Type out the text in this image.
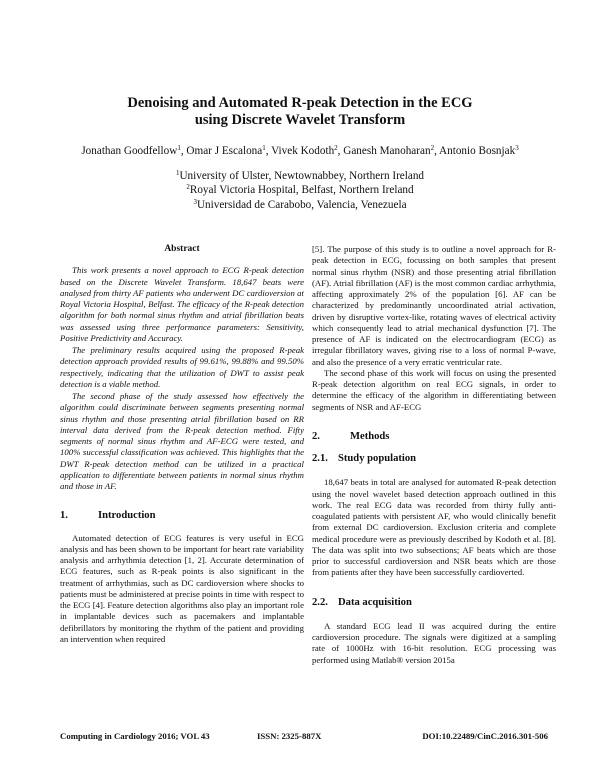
Denoising and Automated R-peak Detection in the ECG
using Discrete Wavelet Transform
Jonathan Goodfellow$^1$, Omar J Escalona$^1$, Vivek Kodoth$^2$, Ganesh Manoharan$^2$, Antonio Bosnjak$^3$
$^1$University of Ulster, Newtownabbey, Northern Ireland
$^2$Royal Victoria Hospital, Belfast, Northern Ireland
$^3$Universidad de Carabobo, Valencia, Venezuela
Abstract

This work presents a novel approach to ECG R-peak detection based on the Discrete Wavelet Transform. 18,647 beats were analysed from thirty AF patients who underwent DC cardioversion at Royal Victoria Hospital, Belfast. The efficacy of the R-peak detection algorithm for both normal sinus rhythm and atrial fibrillation beats was assessed using three performance parameters: Sensitivity, Positive Predictivity and Accuracy.

The preliminary results acquired using the proposed R-peak detection approach provided results of 99.61%, 99.88% and 99.50% respectively, indicating that the utilization of DWT to assist peak detection is a viable method.

The second phase of the study assessed how effectively the algorithm could discriminate between segments presenting normal sinus rhythm and those presenting atrial fibrillation based on RR interval data derived from the R-peak detection method. Fifty segments of normal sinus rhythm and AF-ECG were tested, and 100% successful classification was achieved. This highlights that the DWT R-peak detection method can be utilized in a practical application to differentiate between patients in normal sinus rhythm and those in AF.

1.	Introduction

Automated detection of ECG features is very useful in ECG analysis and has been shown to be important for heart rate variability analysis and arrhythmia detection [1, 2]. Accurate determination of ECG features, such as R-peak points is also significant in the treatment of arrhythmias, such as DC cardioversion where shocks to patients must be administered at precise points in time with respect to the ECG [4]. Feature detection algorithms also play an important role in implantable devices such as pacemakers and implantable defibrillators by monitoring the rhythm of the patient and providing an intervention when required

[5]. The purpose of this study is to outline a novel approach for R-peak detection in ECG, focussing on both samples that present normal sinus rhythm (NSR) and those presenting atrial fibrillation (AF). Atrial fibrillation (AF) is the most common cardiac arrhythmia, affecting approximately 2% of the population [6]. AF can be characterized by predominantly uncoordinated atrial activation, driven by disruptive vortex-like, rotating waves of electrical activity which consequently lead to atrial mechanical dysfunction [7]. The presence of AF is indicated on the electrocardiogram (ECG) as irregular fibrillatory waves, giving rise to a loss of normal P-wave, and also the presence of a very erratic ventricular rate.

The second phase of this work will focus on using the presented R-peak detection algorithm on real ECG signals, in order to determine the efficacy of the algorithm in differentiating between segments of NSR and AF-ECG

2.	Methods
2.1. Study population

18,647 beats in total are analysed for automated R-peak detection using the novel wavelet based detection approach outlined in this work. The real ECG data was recorded from thirty fully anti-coagulated patients with persistent AF, who would clinically benefit from external DC cardioversion. Exclusion criteria and complete medical procedure were as previously described by Kodoth et al. [8]. The data was split into two subsections; AF beats which are those prior to successful cardioversion and NSR beats which are those from patients after they have been successfully cardioverted.

2.2. Data acquisition

A standard ECG lead II was acquired during the entire cardioversion procedure. The signals were digitized at a sampling rate of 1000Hz with 16-bit resolution. ECG processing was performed using Matlab® version 2015a

Computing in Cardiology 2016; VOL 43	ISSN: 2325-887X	DOI:10.22489/CinC.2016.301-506
